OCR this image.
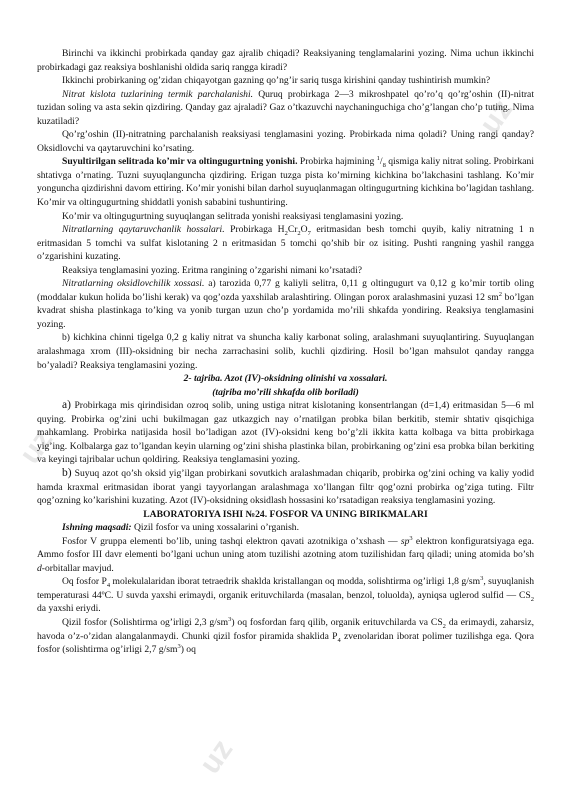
uz
uz
uz

Birinchi va ikkinchi probirkada qanday gaz ajralib chiqadi? Reaksiyaning tenglamalarini yozing. Nima uchun ikkinchi probirkadagi gaz reaksiya boshlanishi oldida sariq rangga kiradi?

Ikkinchi probirkaning og’zidan chiqayotgan gazning qo’ng’ir sariq tusga kirishini qanday tushintirish mumkin?

Nitrat kislota tuzlarining termik parchalanishi. Quruq probirkaga 2—3 mikroshpatel qo’ro’q qo’rg’oshin (II)-nitrat tuzidan soling va asta sekin qizdiring. Qanday gaz ajraladi? Gaz o’tkazuvchi naychaninguchiga cho’g’langan cho’p tuting. Nima kuzatiladi?

Qo’rg’oshin (II)-nitratning parchalanish reaksiyasi tenglamasini yozing. Probirkada nima qoladi? Uning rangi qanday? Oksidlovchi va qaytaruvchini ko’rsating.

Suyultirilgan selitrada ko’mir va oltingugurtning yonishi. Probirka hajmining $^1/_8$ qismiga kaliy nitrat soling. Probirkani shtativga o’rnating. Tuzni suyuqlanguncha qizdiring. Erigan tuzga pista ko’mirning kichkina bo’lakchasini tashlang. Ko’mir yonguncha qizdirishni davom ettiring. Ko’mir yonishi bilan darhol suyuqlanmagan oltingugurtning kichkina bo’lagidan tashlang. Ko’mir va oltingugurtning shiddatli yonish sababini tushuntiring.

Ko’mir va oltingugurtning suyuqlangan selitrada yonishi reaksiyasi tenglamasini yozing.

Nitratlarning qaytaruvchanlik hossalari. Probirkaga $H_2Cr_2O_7$ eritmasidan besh tomchi quyib, kaliy nitratning 1 n eritmasidan 5 tomchi va sulfat kislotaning 2 n eritmasidan 5 tomchi qo’shib bir oz isiting. Pushti rangning yashil rangga o’zgarishini kuzating.

Reaksiya tenglamasini yozing. Eritma rangining o’zgarishi nimani ko’rsatadi?

Nitratlarning oksidlovchilik xossasi. a) tarozida 0,77 g kaliyli selitra, 0,11 g oltingugurt va 0,12 g ko’mir tortib oling (moddalar kukun holida bo’lishi kerak) va qog’ozda yaxshilab aralashtiring. Olingan porox aralashmasini yuzasi 12 $sm^2$ bo’lgan kvadrat shisha plastinkaga to’king va yonib turgan uzun cho’p yordamida mo’rili shkafda yondiring. Reaksiya tenglamasini yozing.

b) kichkina chinni tigelga 0,2 g kaliy nitrat va shuncha kaliy karbonat soling, aralashmani suyuqlantiring. Suyuqlangan aralashmaga xrom (III)-oksidning bir necha zarrachasini solib, kuchli qizdiring. Hosil bo’lgan mahsulot qanday rangga bo’yaladi? Reaksiya tenglamasini yozing.

2- tajriba. Azot (IV)-oksidning olinishi va xossalari.

(tajriba mo’rili shkafda olib boriladi)

a) Probirkaga mis qirindisidan ozroq solib, uning ustiga nitrat kislotaning konsentrlangan (d=1,4) eritmasidan 5—6 ml quying. Probirka og’zini uchi bukilmagan gaz utkazgich nay o’rnatilgan probka bilan berkitib, stemir shtativ qisqichiga mahkamlang. Probirka natijasida hosil bo’ladigan azot (IV)-oksidni keng bo’g’zli ikkita katta kolbaga va bitta probirkaga yig’ing. Kolbalarga gaz to’lgandan keyin ularning og’zini shisha plastinka bilan, probirkaning og’zini esa probka bilan berkiting va keyingi tajribalar uchun qoldiring. Reaksiya tenglamasini yozing.

b) Suyuq azot qo’sh oksid yig’ilgan probirkani sovutkich aralashmadan chiqarib, probirka og’zini oching va kaliy yodid hamda kraxmal eritmasidan iborat yangi tayyorlangan aralashmaga xo’llangan filtr qog’ozni probirka og’ziga tuting. Filtr qog’ozning ko’karishini kuzating. Azot (IV)-oksidning oksidlash hossasini ko’rsatadigan reaksiya tenglamasini yozing.

LABORATORIYA ISHI №24. FOSFOR VA UNING BIRIKMALARI

Ishning maqsadi: Qizil fosfor va uning xossalarini o’rganish.

Fosfor V gruppa elementi bo’lib, uning tashqi elektron qavati azotnikiga o’xshash — $sp^3$ elektron konfiguratsiyaga ega. Ammo fosfor III davr elementi bo’lgani uchun uning atom tuzilishi azotning atom tuzilishidan farq qiladi; uning atomida bo’sh d-orbitallar mavjud.

Oq fosfor $P_4$ molekulalaridan iborat tetraedrik shaklda kristallangan oq modda, solishtirma og’irligi 1,8 $g/sm^3$, suyuqlanish temperaturasi 44ºC. U suvda yaxshi erimaydi, organik erituvchilarda (masalan, benzol, toluolda), ayniqsa uglerod sulfid — $CS_2$ da yaxshi eriydi.

Qizil fosfor (Solishtirma og’irligi 2,3 $g/sm^3$) oq fosfordan farq qilib, organik erituvchilarda va $CS_2$ da erimaydi, zaharsiz, havoda o’z-o’zidan alangalanmaydi. Chunki qizil fosfor piramida shaklida $P_4$ zvenolaridan iborat polimer tuzilishga ega. Qora fosfor (solishtirma og’irligi 2,7 $g/sm^3$) oq
